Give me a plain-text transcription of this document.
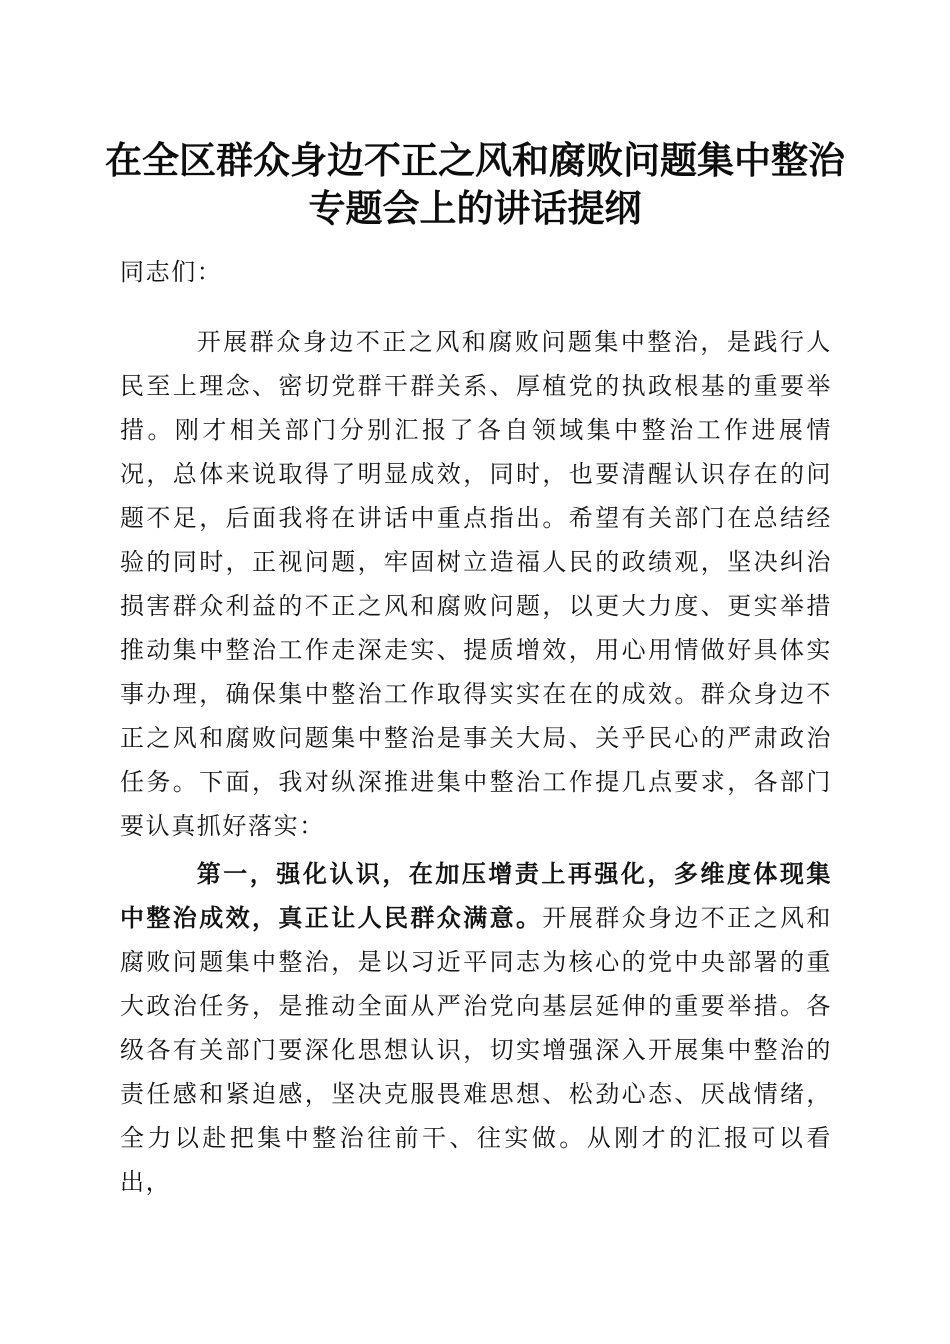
在全区群众身边不正之风和腐败问题集中整治
专题会上的讲话提纲
同志们：
开展群众身边不正之风和腐败问题集中整治，是践行人民至上理念、密切党群干群关系、厚植党的执政根基的重要举措。刚才相关部门分别汇报了各自领域集中整治工作进展情况，总体来说取得了明显成效，同时，也要清醒认识存在的问题不足，后面我将在讲话中重点指出。希望有关部门在总结经验的同时，正视问题，牢固树立造福人民的政绩观，坚决纠治损害群众利益的不正之风和腐败问题，以更大力度、更实举措推动集中整治工作走深走实、提质增效，用心用情做好具体实事办理，确保集中整治工作取得实实在在的成效。群众身边不正之风和腐败问题集中整治是事关大局、关乎民心的严肃政治任务。下面，我对纵深推进集中整治工作提几点要求，各部门要认真抓好落实：
第一，强化认识，在加压增责上再强化，多维度体现集中整治成效，真正让人民群众满意。开展群众身边不正之风和腐败问题集中整治，是以习近平同志为核心的党中央部署的重大政治任务，是推动全面从严治党向基层延伸的重要举措。各级各有关部门要深化思想认识，切实增强深入开展集中整治的责任感和紧迫感，坚决克服畏难思想、松劲心态、厌战情绪，全力以赴把集中整治往前干、往实做。从刚才的汇报可以看出，
